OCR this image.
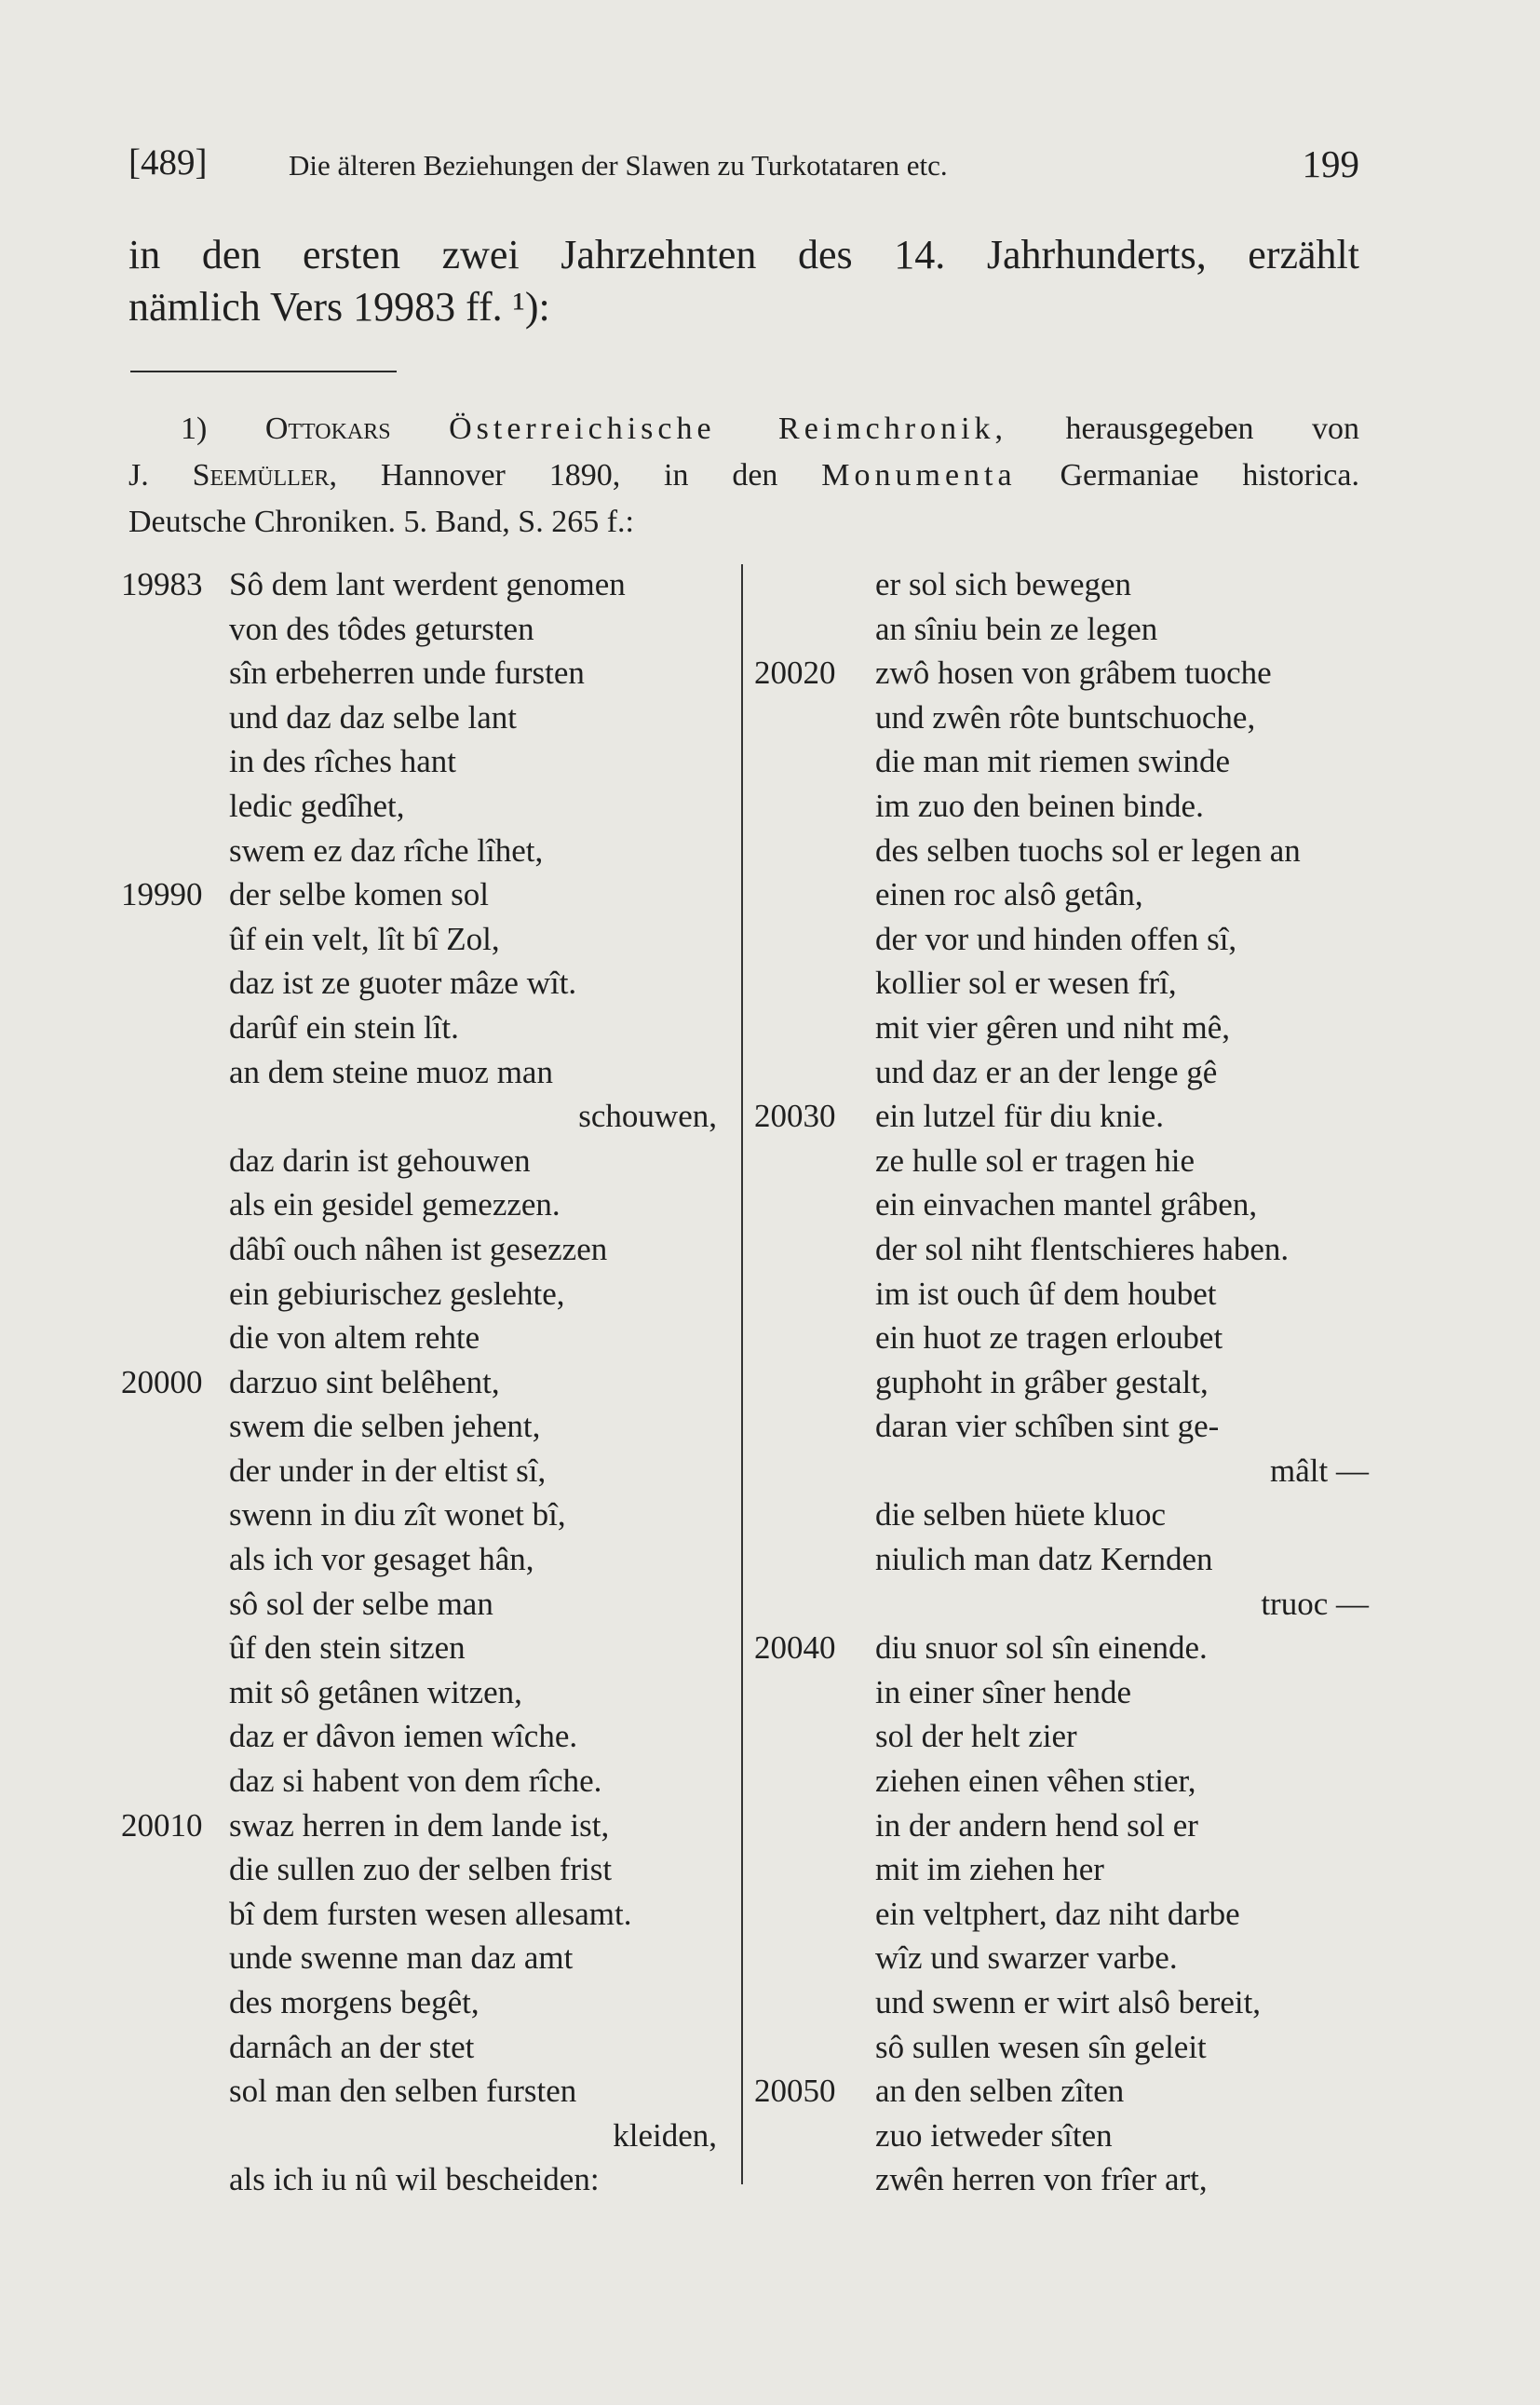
[489]	Die älteren Beziehungen der Slawen zu Turkotataren etc.	199
in den ersten zwei Jahrzehnten des 14. Jahrhunderts, erzählt
nämlich Vers 19983 ff. ¹):
1) Ottokars Österreichische Reimchronik, herausgegeben von
J. Seemüller, Hannover 1890, in den Monumenta Germaniae historica.
Deutsche Chroniken. 5. Band, S. 265 f.:
19983 Sô dem lant werdent genomen
von des tôdes getursten
sîn erbeherren unde fursten
und daz daz selbe lant
in des rîches hant
ledic gedîhet,
swem ez daz rîche lîhet,
19990 der selbe komen sol
ûf ein velt, lît bî Zol,
daz ist ze guoter mâze wît.
darûf ein stein lît.
an dem steine muoz man
schouwen,
daz darin ist gehouwen
als ein gesidel gemezzen.
dâbî ouch nâhen ist gesezzen
ein gebiurischez geslehte,
die von altem rehte
20000 darzuo sint belêhent,
swem die selben jehent,
der under in der eltist sî,
swenn in diu zît wonet bî,
als ich vor gesaget hân,
sô sol der selbe man
ûf den stein sitzen
mit sô getânen witzen,
daz er dâvon iemen wîche.
daz si habent von dem rîche.
20010 swaz herren in dem lande ist,
die sullen zuo der selben frist
bî dem fursten wesen allesamt.
unde swenne man daz amt
des morgens begêt,
darnâch an der stet
sol man den selben fursten
kleiden,
als ich iu nû wil bescheiden:
er sol sich bewegen
an sîniu bein ze legen
20020 zwô hosen von grâbem tuoche
und zwên rôte buntschuoche,
die man mit riemen swinde
im zuo den beinen binde.
des selben tuochs sol er legen an
einen roc alsô getân,
der vor und hinden offen sî,
kollier sol er wesen frî,
mit vier gêren und niht mê,
und daz er an der lenge gê
20030 ein lutzel für diu knie.
ze hulle sol er tragen hie
ein einvachen mantel grâben,
der sol niht flentschieres haben.
im ist ouch ûf dem houbet
ein huot ze tragen erloubet
guphoht in grâber gestalt,
daran vier schîben sint ge-
mâlt —
die selben hüete kluoc
niulich man datz Kernden
truoc —
20040 diu snuor sol sîn einende.
in einer sîner hende
sol der helt zier
ziehen einen vêhen stier,
in der andern hend sol er
mit im ziehen her
ein veltphert, daz niht darbe
wîz und swarzer varbe.
und swenn er wirt alsô bereit,
sô sullen wesen sîn geleit
20050 an den selben zîten
zuo ietweder sîten
zwên herren von frîer art,
